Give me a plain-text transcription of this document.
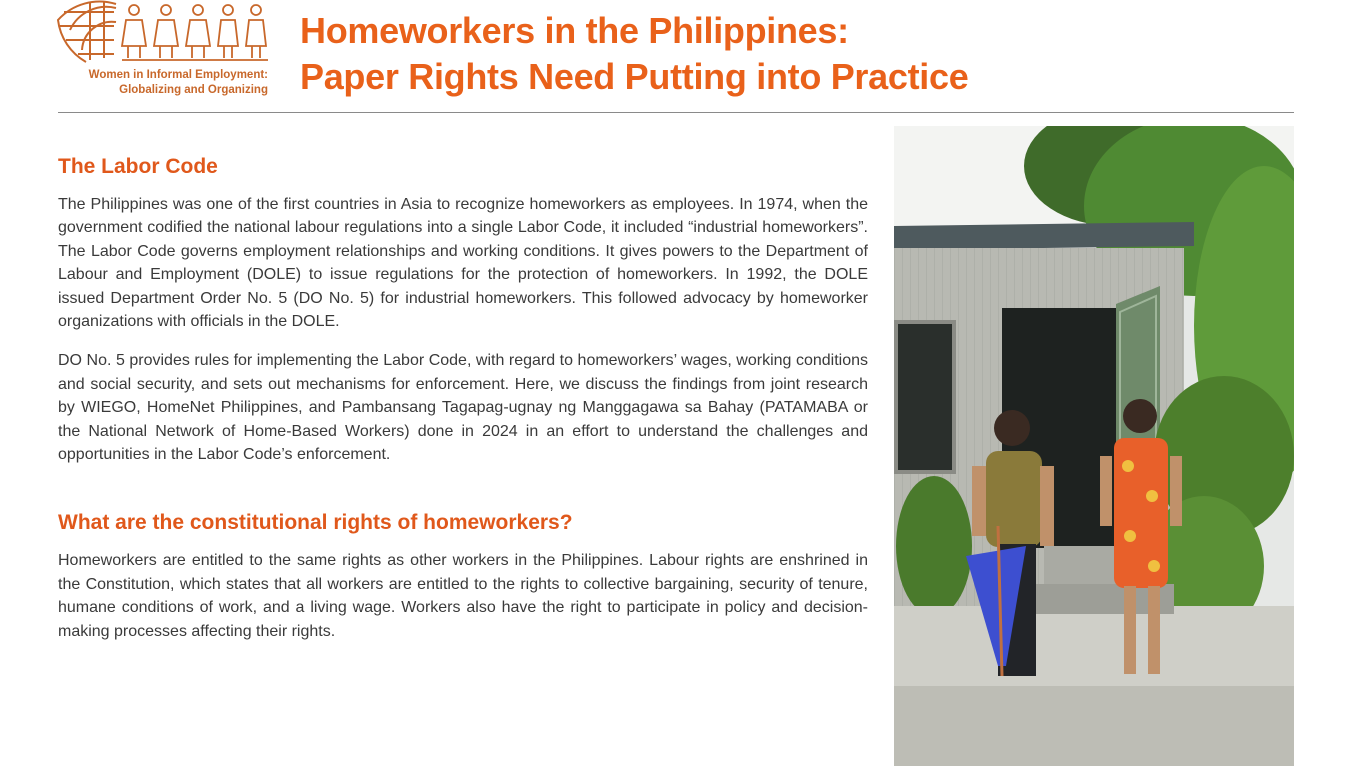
Women in Informal Employment:
Globalizing and Organizing
Homeworkers in the Philippines:
Paper Rights Need Putting into Practice
The Labor Code

The Philippines was one of the first countries in Asia to recognize homeworkers as employees. In 1974, when the government codified the national labour regulations into a single Labor Code, it included “industrial homeworkers”. The Labor Code governs employment relationships and working conditions. It gives powers to the Department of Labour and Employment (DOLE) to issue regulations for the protection of homeworkers. In 1992, the DOLE issued Department Order No. 5 (DO No. 5) for industrial homeworkers. This followed advocacy by homeworker organizations with officials in the DOLE.

DO No. 5 provides rules for implementing the Labor Code, with regard to homeworkers’ wages, working conditions and social security, and sets out mechanisms for enforcement. Here, we discuss the findings from joint research by WIEGO, HomeNet Philippines, and Pambansang Tagapag-ugnay ng Manggagawa sa Bahay (PATAMABA or the National Network of Home-Based Workers) done in 2024 in an effort to understand the challenges and opportunities in the Labor Code’s enforcement.

What are the constitutional rights of homeworkers?

Homeworkers are entitled to the same rights as other workers in the Philippines. Labour rights are enshrined in the Constitution, which states that all workers are entitled to the rights to collective bargaining, security of tenure, humane conditions of work, and a living wage. Workers also have the right to participate in policy and decision-making processes affecting their rights.
